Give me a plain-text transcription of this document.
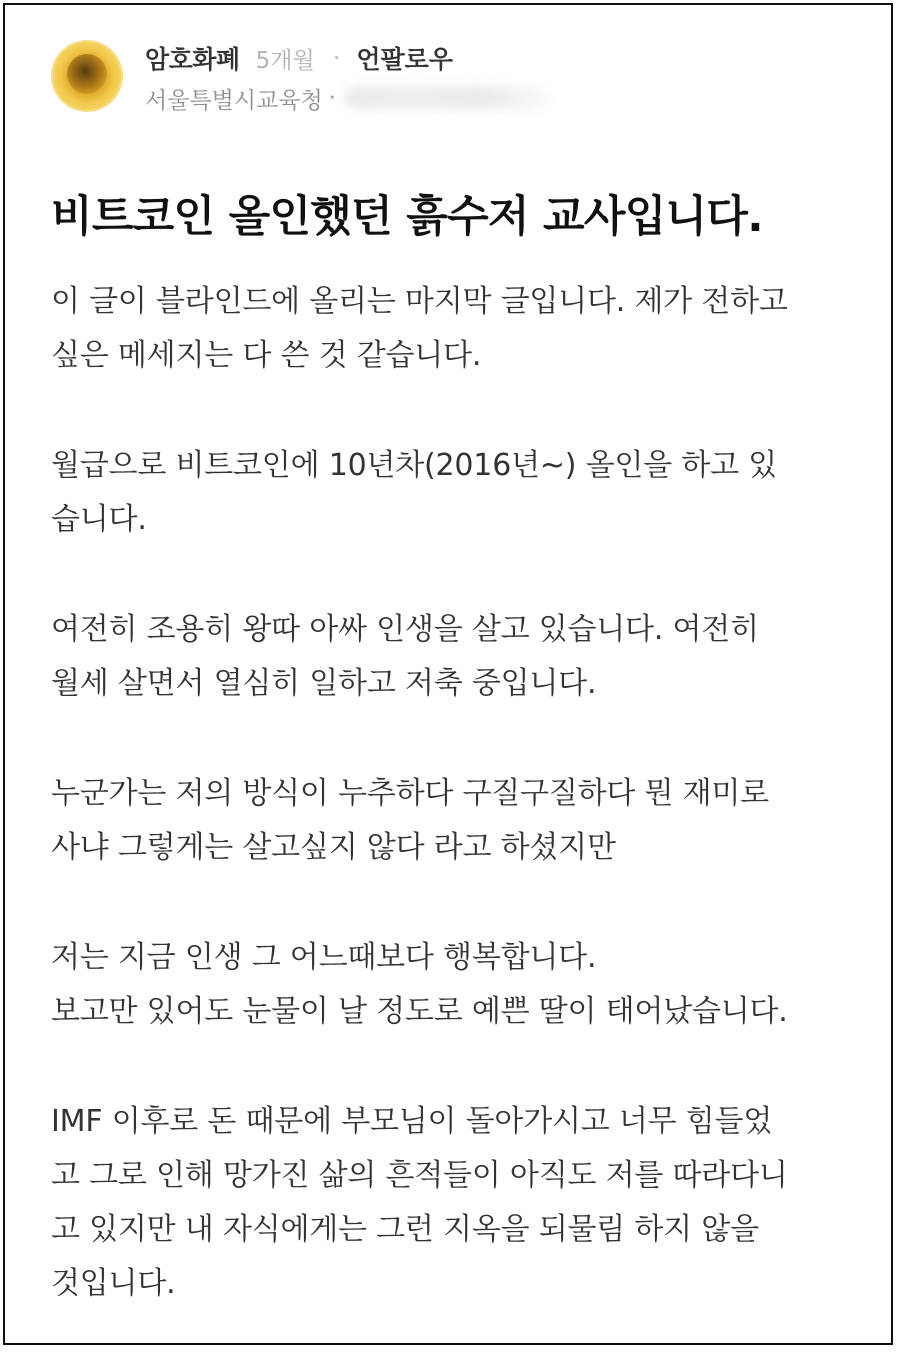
암호화폐 5개월 · 언팔로우
서울특별시교육청 ·
비트코인 올인했던 흙수저 교사입니다.

이 글이 블라인드에 올리는 마지막 글입니다. 제가 전하고
싶은 메세지는 다 쓴 것 같습니다.

월급으로 비트코인에 10년차(2016년~) 올인을 하고 있
습니다.

여전히 조용히 왕따 아싸 인생을 살고 있습니다. 여전히
월세 살면서 열심히 일하고 저축 중입니다.

누군가는 저의 방식이 누추하다 구질구질하다 뭔 재미로
사냐 그렇게는 살고싶지 않다 라고 하셨지만

저는 지금 인생 그 어느때보다 행복합니다.
보고만 있어도 눈물이 날 정도로 예쁜 딸이 태어났습니다.

IMF 이후로 돈 때문에 부모님이 돌아가시고 너무 힘들었
고 그로 인해 망가진 삶의 흔적들이 아직도 저를 따라다니
고 있지만 내 자식에게는 그런 지옥을 되물림 하지 않을
것입니다.
